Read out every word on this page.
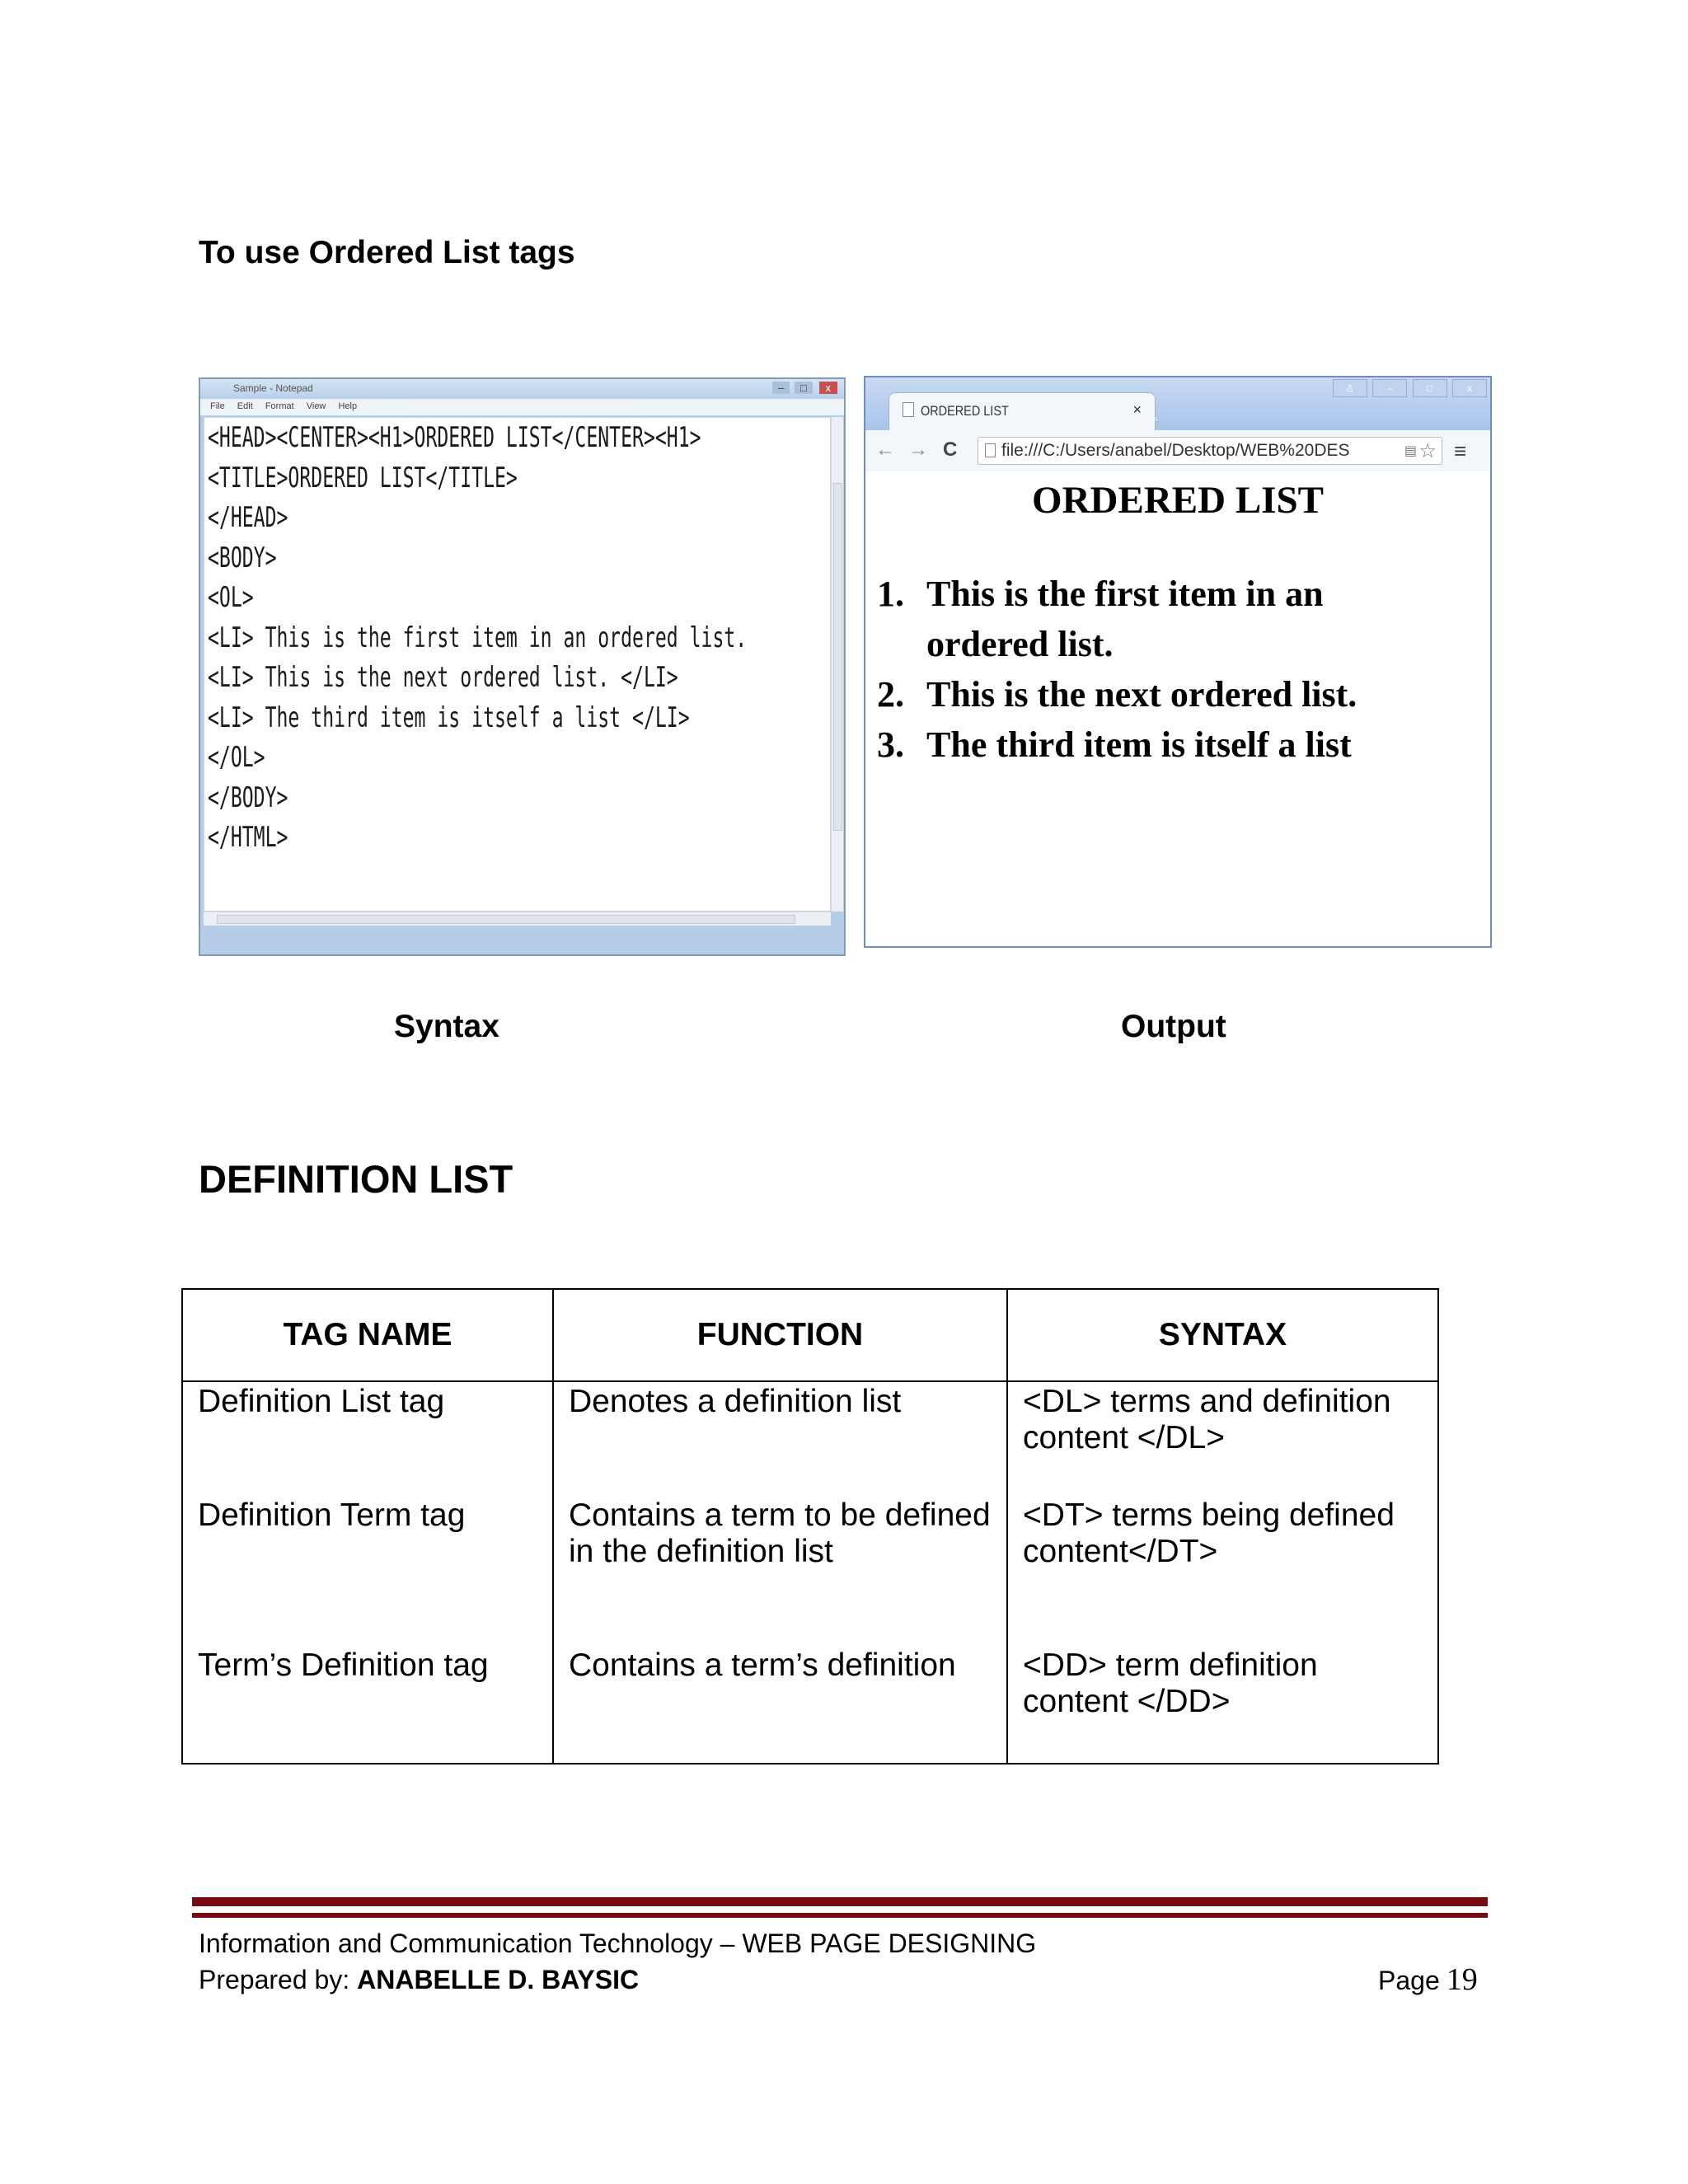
To use Ordered List tags
Sample - Notepad	– □ x
File Edit Format View Help
<HEAD><CENTER><H1>ORDERED LIST</CENTER><H1>
<TITLE>ORDERED LIST</TITLE>
</HEAD>
<BODY>
<OL>
<LI> This is the first item in an ordered list.
<LI> This is the next ordered list. </LI>
<LI> The third item is itself a list </LI>
</OL>
</BODY>
</HTML>
ORDERED LIST	×
♙	–	□	x
← → C	file:///C:/Users/anabel/Desktop/WEB%20DES	▤ ☆ ≡
ORDERED LIST
1. This is the first item in an ordered list.
2. This is the next ordered list.
3. The third item is itself a list
Syntax	Output
DEFINITION LIST
TAG NAME	FUNCTION	SYNTAX
Definition List tag	Denotes a definition list	<DL> terms and definition content </DL>
Definition Term tag	Contains a term to be defined in the definition list	<DT> terms being defined content</DT>
Term’s Definition tag	Contains a term’s definition	<DD> term definition content </DD>
Information and Communication Technology – WEB PAGE DESIGNING
Prepared by: ANABELLE D. BAYSIC	Page 19
